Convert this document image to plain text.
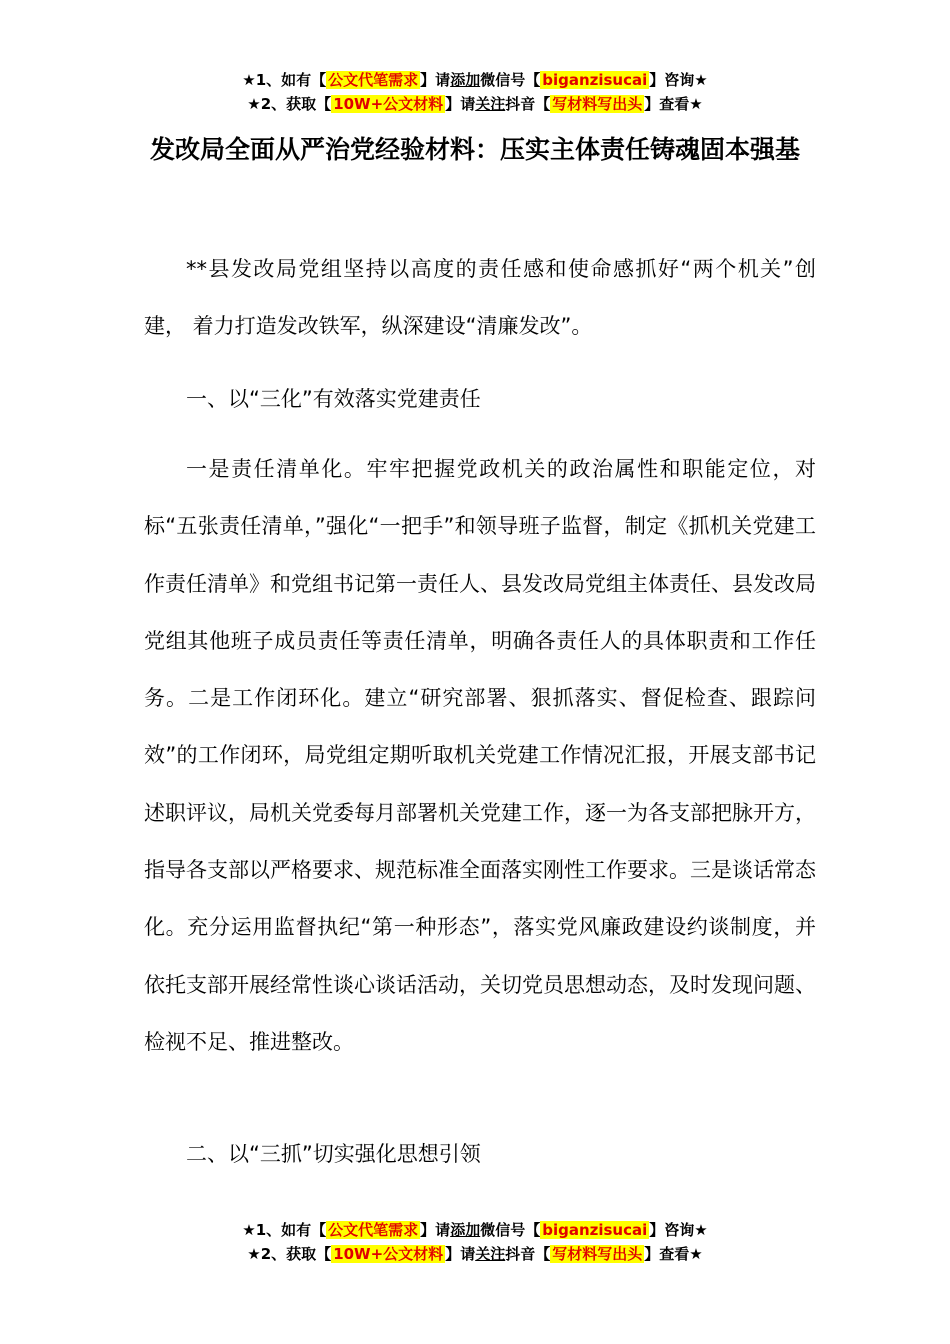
★1、如有【 公文代笔需求 】请添加微信号【 biganzisucai 】咨询★
★2、获取【 10W+公文材料 】请关注抖音【 写材料写出头 】查看★
发改局全面从严治党经验材料：压实主体责任铸魂固本强基
**县发改局党组坚持以高度的责任感和使命感抓好“两个机关”创建， 着力打造发改铁军，纵深建设“清廉发改”。
一、以“三化”有效落实党建责任
一是责任清单化。牢牢把握党政机关的政治属性和职能定位，对标“五张责任清单，”强化“一把手”和领导班子监督，制定《抓机关党建工作责任清单》和党组书记第一责任人、县发改局党组主体责任、县发改局党组其他班子成员责任等责任清单，明确各责任人的具体职责和工作任务。二是工作闭环化。建立“研究部署、狠抓落实、督促检查、跟踪问效”的工作闭环，局党组定期听取机关党建工作情况汇报，开展支部书记述职评议，局机关党委每月部署机关党建工作，逐一为各支部把脉开方，指导各支部以严格要求、规范标准全面落实刚性工作要求。三是谈话常态化。充分运用监督执纪“第一种形态”，落实党风廉政建设约谈制度，并依托支部开展经常性谈心谈话活动，关切党员思想动态，及时发现问题、检视不足、推进整改。
二、以“三抓”切实强化思想引领
★1、如有【 公文代笔需求 】请添加微信号【 biganzisucai 】咨询★
★2、获取【 10W+公文材料 】请关注抖音【 写材料写出头 】查看★
